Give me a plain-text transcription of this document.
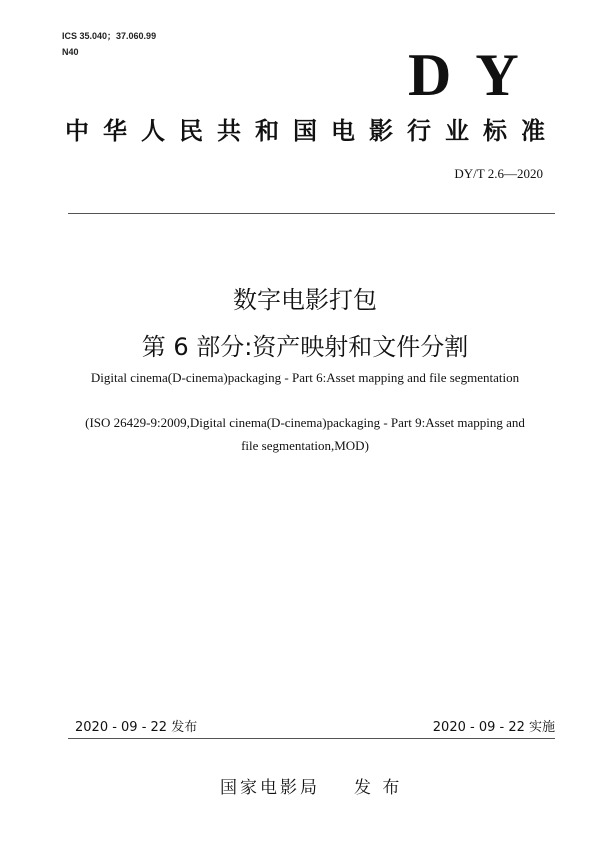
ICS 35.040；37.060.99
N40	DY
中华人民共和国电影行业标准
DY/T 2.6—2020
数字电影打包
第 6 部分:资产映射和文件分割
Digital cinema(D-cinema)packaging - Part 6:Asset mapping and file segmentation
(ISO 26429-9:2009,Digital cinema(D-cinema)packaging - Part 9:Asset mapping and
file segmentation,MOD)
2020 - 09 - 22 发布	2020 - 09 - 22 实施
国家电影局 发 布
